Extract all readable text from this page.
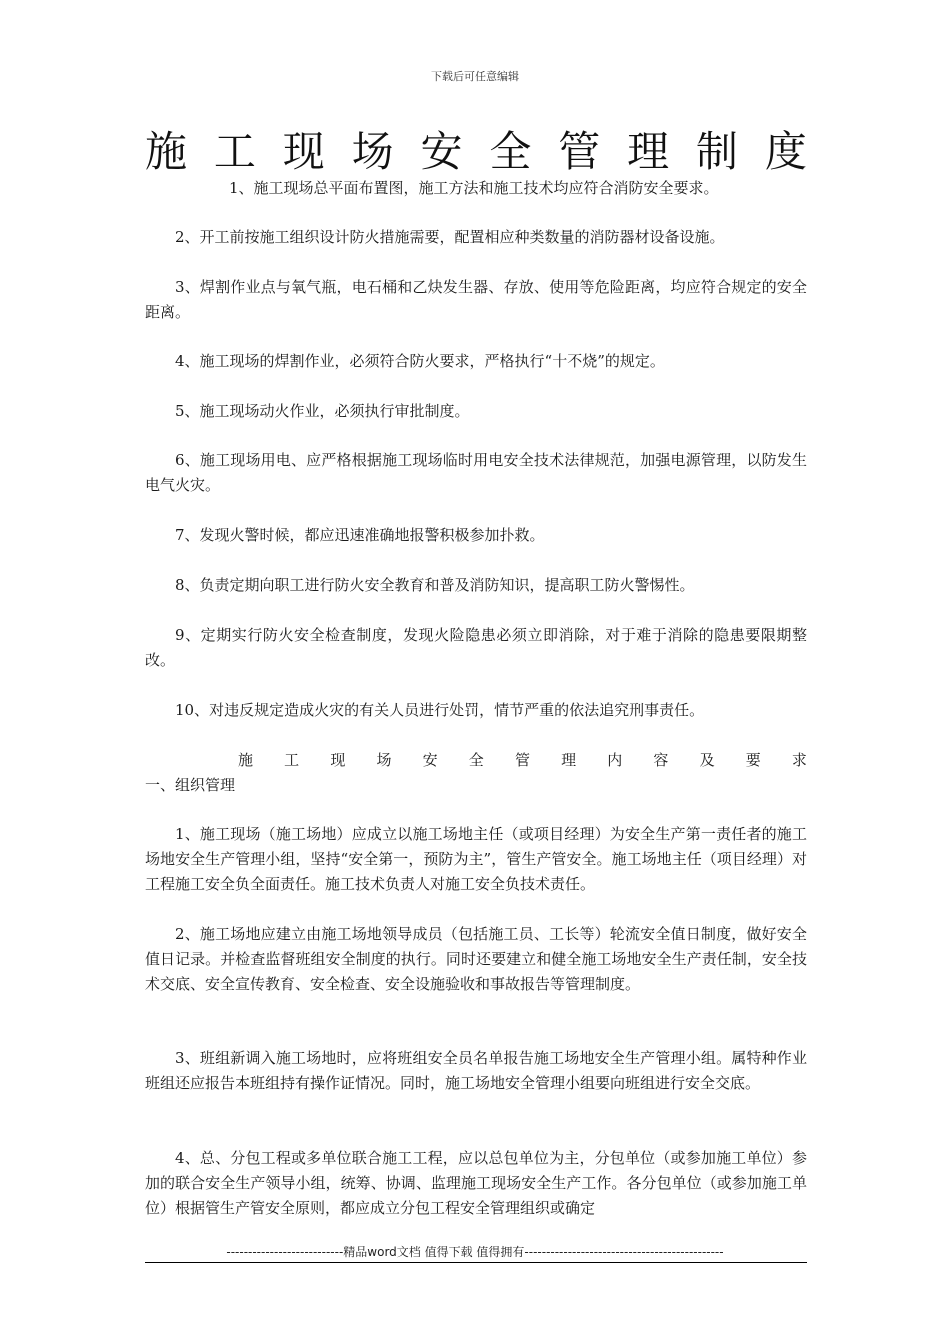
下载后可任意编辑
施 工 现 场 安 全 管 理 制 度
1、施工现场总平面布置图，施工方法和施工技术均应符合消防安全要求。
2、开工前按施工组织设计防火措施需要，配置相应种类数量的消防器材设备设施。
3、焊割作业点与氧气瓶，电石桶和乙炔发生器、存放、使用等危险距离，均应符合规定的安全距离。
4、施工现场的焊割作业，必须符合防火要求，严格执行“十不烧”的规定。
5、施工现场动火作业，必须执行审批制度。
6、施工现场用电、应严格根据施工现场临时用电安全技术法律规范，加强电源管理，以防发生电气火灾。
7、发现火警时候，都应迅速准确地报警积极参加扑救。
8、负责定期向职工进行防火安全教育和普及消防知识，提高职工防火警惕性。
9、定期实行防火安全检查制度，发现火险隐患必须立即消除，对于难于消除的隐患要限期整改。
10、对违反规定造成火灾的有关人员进行处罚，情节严重的依法追究刑事责任。
施 工 现 场 安 全 管 理 内 容 及 要 求
一、组织管理
1、施工现场（施工场地）应成立以施工场地主任（或项目经理）为安全生产第一责任者的施工场地安全生产管理小组，坚持“安全第一，预防为主”，管生产管安全。施工场地主任（项目经理）对工程施工安全负全面责任。施工技术负责人对施工安全负技术责任。
2、施工场地应建立由施工场地领导成员（包括施工员、工长等）轮流安全值日制度，做好安全值日记录。并检查监督班组安全制度的执行。同时还要建立和健全施工场地安全生产责任制，安全技术交底、安全宣传教育、安全检查、安全设施验收和事故报告等管理制度。
3、班组新调入施工场地时，应将班组安全员名单报告施工场地安全生产管理小组。属特种作业班组还应报告本班组持有操作证情况。同时，施工场地安全管理小组要向班组进行安全交底。
4、总、分包工程或多单位联合施工工程，应以总包单位为主，分包单位（或参加施工单位）参加的联合安全生产领导小组，统筹、协调、监理施工现场安全生产工作。各分包单位（或参加施工单位）根据管生产管安全原则，都应成立分包工程安全管理组织或确定
---------------------------精品word文档 值得下载 值得拥有----------------------------------------------
